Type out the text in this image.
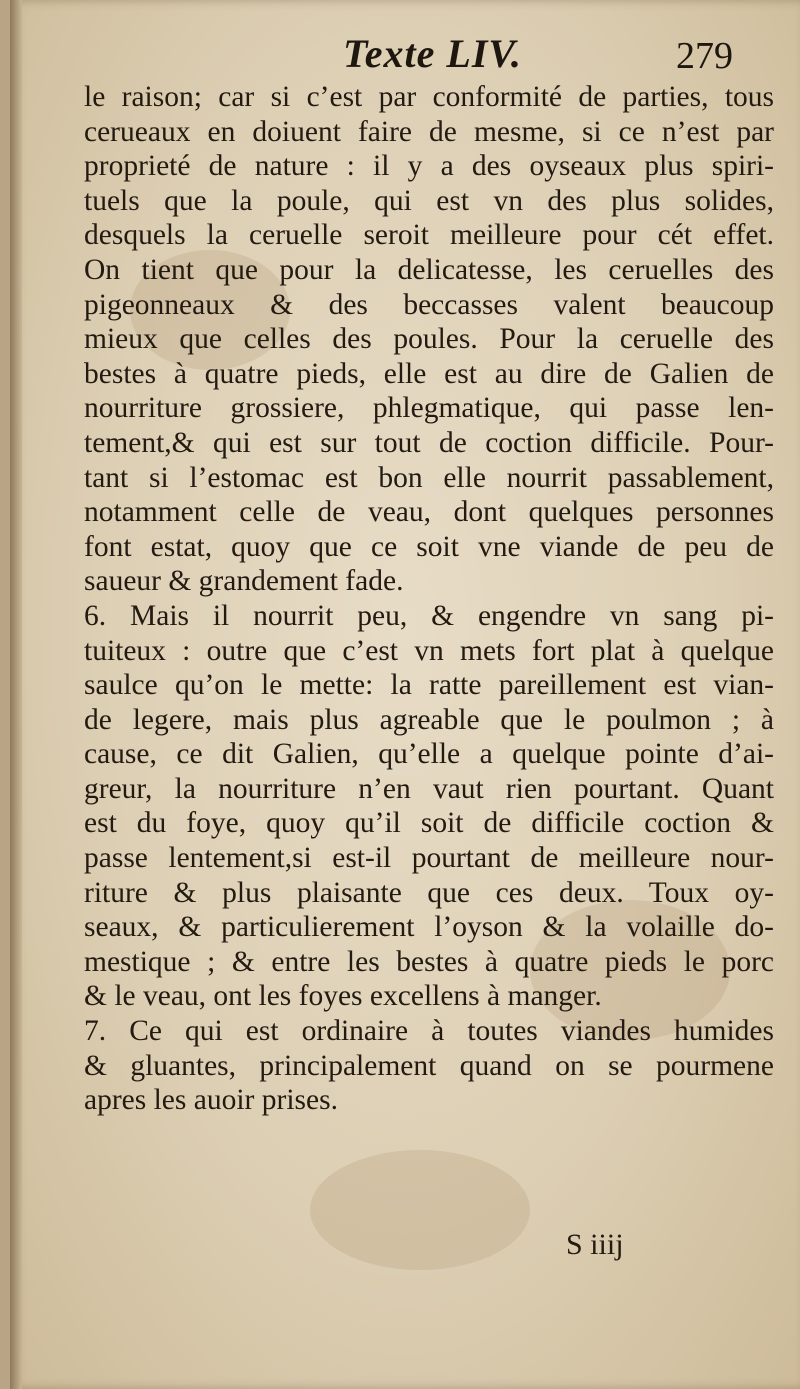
Texte LIV.	279
le raison; car si c’est par conformité de parties, tous
cerueaux en doiuent faire de mesme, si ce n’est par
proprieté de nature : il y a des oyseaux plus spiri-
tuels que la poule, qui est vn des plus solides,
desquels la ceruelle seroit meilleure pour cét effet.
On tient que pour la delicatesse, les ceruelles des
pigeonneaux & des beccasses valent beaucoup
mieux que celles des poules. Pour la ceruelle des
bestes à quatre pieds, elle est au dire de Galien de
nourriture grossiere, phlegmatique, qui passe len-
tement,& qui est sur tout de coction difficile. Pour-
tant si l’estomac est bon elle nourrit passablement,
notamment celle de veau, dont quelques personnes
font estat, quoy que ce soit vne viande de peu de
saueur & grandement fade.
6. Mais il nourrit peu, & engendre vn sang pi-
tuiteux : outre que c’est vn mets fort plat à quelque
saulce qu’on le mette: la ratte pareillement est vian-
de legere, mais plus agreable que le poulmon ; à
cause, ce dit Galien, qu’elle a quelque pointe d’ai-
greur, la nourriture n’en vaut rien pourtant. Quant
est du foye, quoy qu’il soit de difficile coction &
passe lentement,si est-il pourtant de meilleure nour-
riture & plus plaisante que ces deux. Toux oy-
seaux, & particulierement l’oyson & la volaille do-
mestique ; & entre les bestes à quatre pieds le porc
& le veau, ont les foyes excellens à manger.
7. Ce qui est ordinaire à toutes viandes humides
& gluantes, principalement quand on se pourmene
apres les auoir prises.
S iiij
